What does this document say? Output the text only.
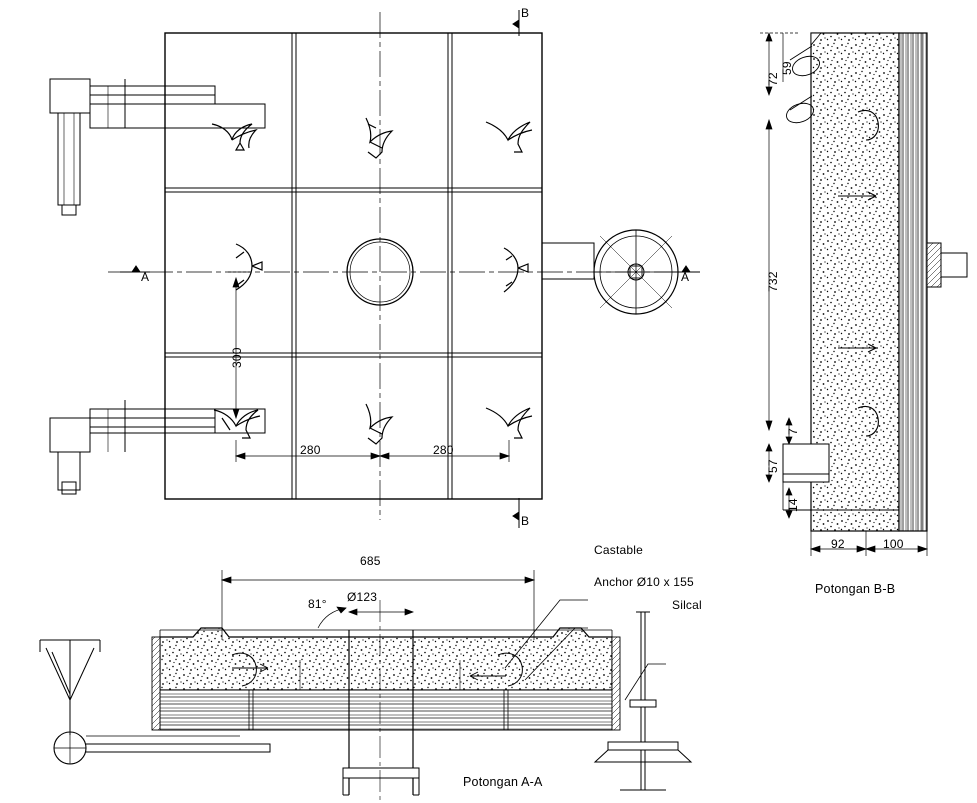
300
280	280
B
B
A	A
72
59
732
7
57
14
92	100
Potongan B-B
Potongan A-A
Castable
Anchor Ø10 x 155
Silcal
685
Ø123
81°
